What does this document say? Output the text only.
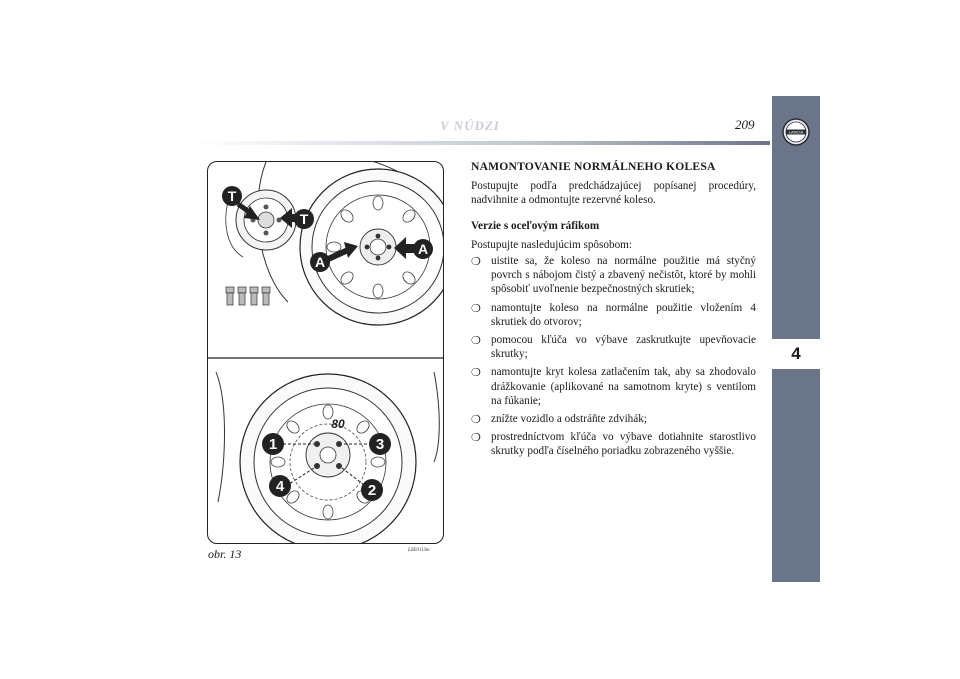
V NÚDZI	209
LANCIA
4
T
T
A
A
80
1	3
2
4
obr. 13	L0E0113m

NAMONTOVANIE NORMÁLNEHO KOLESA

Postupujte podľa predchádzajúcej popísanej procedúry, nadvihnite a odmontujte rezervné koleso.

Verzie s oceľovým ráfikom

Postupujte nasledujúcim spôsobom:

❍ uistite sa, že koleso na normálne použitie má styčný povrch s nábojom čistý a zbavený nečistôt, ktoré by mohli spôsobiť uvoľnenie bezpečnostných skrutiek;
❍ namontujte koleso na normálne použitie vložením 4 skrutiek do otvorov;
❍ pomocou kľúča vo výbave zaskrutkujte upevňovacie skrutky;
❍ namontujte kryt kolesa zatlačením tak, aby sa zhodovalo drážkovanie (aplikované na samotnom kryte) s ventilom na fúkanie;
❍ znížte vozidlo a odstráňte zdvihák;
❍ prostredníctvom kľúča vo výbave dotiahnite starostlivo skrutky podľa číselného poriadku zobrazeného vyššie.
